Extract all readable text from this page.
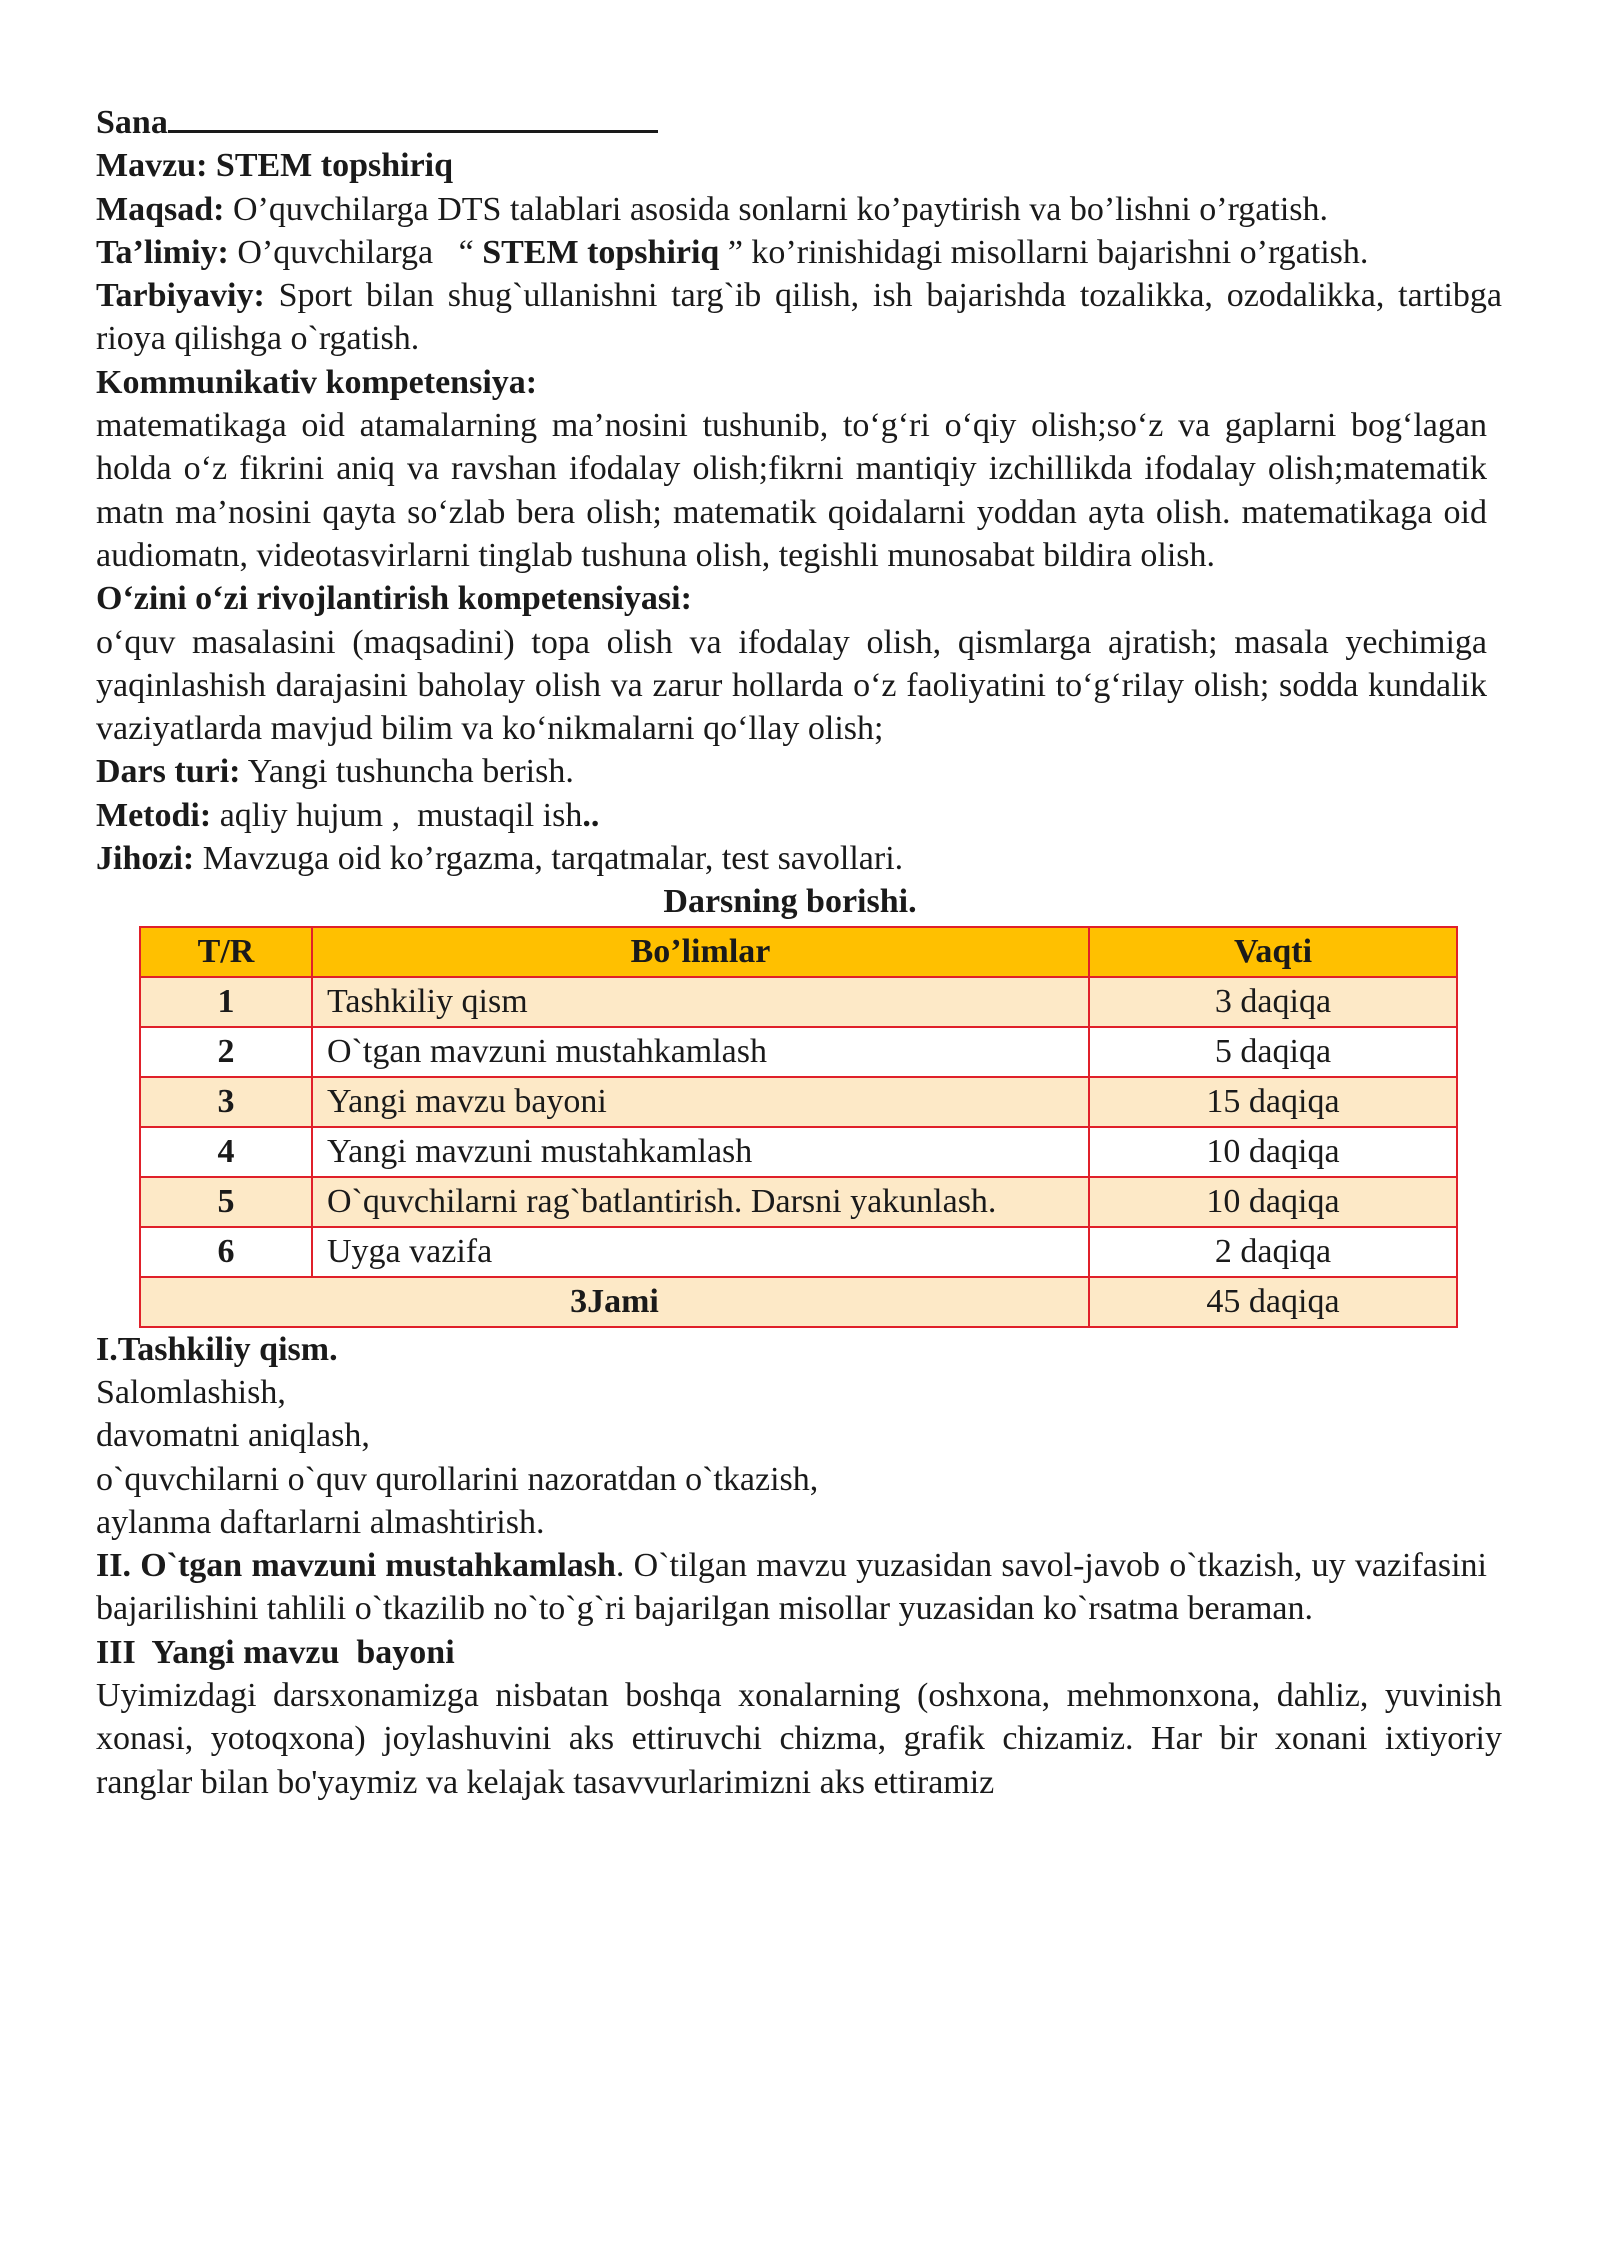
Sana

Mavzu: STEM topshiriq

Maqsad: O’quvchilarga DTS talablari asosida sonlarni ko’paytirish va bo’lishni o’rgatish.

Ta’limiy: O’quvchilarga   “ STEM topshiriq ” ko’rinishidagi misollarni bajarishni o’rgatish.

Tarbiyaviy: Sport bilan shug`ullanishni targ`ib qilish, ish bajarishda tozalikka, ozodalikka, tartibga rioya qilishga o`rgatish.

Kommunikativ kompetensiya:

matematikaga oid atamalarning ma’nosini tushunib, to‘g‘ri o‘qiy olish;so‘z va gaplarni bog‘lagan holda o‘z fikrini aniq va ravshan ifodalay olish;fikrni mantiqiy izchillikda ifodalay olish;matematik matn ma’nosini qayta so‘zlab bera olish; matematik qoidalarni yoddan ayta olish. matematikaga oid audiomatn, videotasvirlarni tinglab tushuna olish, tegishli munosabat bildira olish.

O‘zini o‘zi rivojlantirish kompetensiyasi:

o‘quv masalasini (maqsadini) topa olish va ifodalay olish, qismlarga ajratish; masala yechimiga yaqinlashish darajasini baholay olish va zarur hollarda o‘z faoliyatini to‘g‘rilay olish; sodda kundalik vaziyatlarda mavjud bilim va ko‘nikmalarni qo‘llay olish;

Dars turi: Yangi tushuncha berish.

Metodi: aqliy hujum ,  mustaqil ish..

Jihozi: Mavzuga oid ko’rgazma, tarqatmalar, test savollari.

Darsning borishi.

T/R	Bo’limlar	Vaqti
1	Tashkiliy qism	3 daqiqa
2	O`tgan mavzuni mustahkamlash	5 daqiqa
3	Yangi mavzu bayoni	15 daqiqa
4	Yangi mavzuni mustahkamlash	10 daqiqa
5	O`quvchilarni rag`batlantirish. Darsni yakunlash.	10 daqiqa
6	Uyga vazifa	2 daqiqa
3Jami		45 daqiqa

I.Tashkiliy qism.

Salomlashish,

davomatni aniqlash,

o`quvchilarni o`quv qurollarini nazoratdan o`tkazish,

aylanma daftarlarni almashtirish.

II. O`tgan mavzuni mustahkamlash. O`tilgan mavzu yuzasidan savol-javob o`tkazish, uy vazifasini bajarilishini tahlili o`tkazilib no`to`g`ri bajarilgan misollar yuzasidan ko`rsatma beraman.

III  Yangi mavzu  bayoni

Uyimizdagi darsxonamizga nisbatan boshqa xonalarning (oshxona, mehmonxona, dahliz, yuvinish xonasi, yotoqxona) joylashuvini aks ettiruvchi chizma, grafik chizamiz. Har bir xonani ixtiyoriy ranglar bilan bo'yaymiz va kelajak tasavvurlarimizni aks ettiramiz
